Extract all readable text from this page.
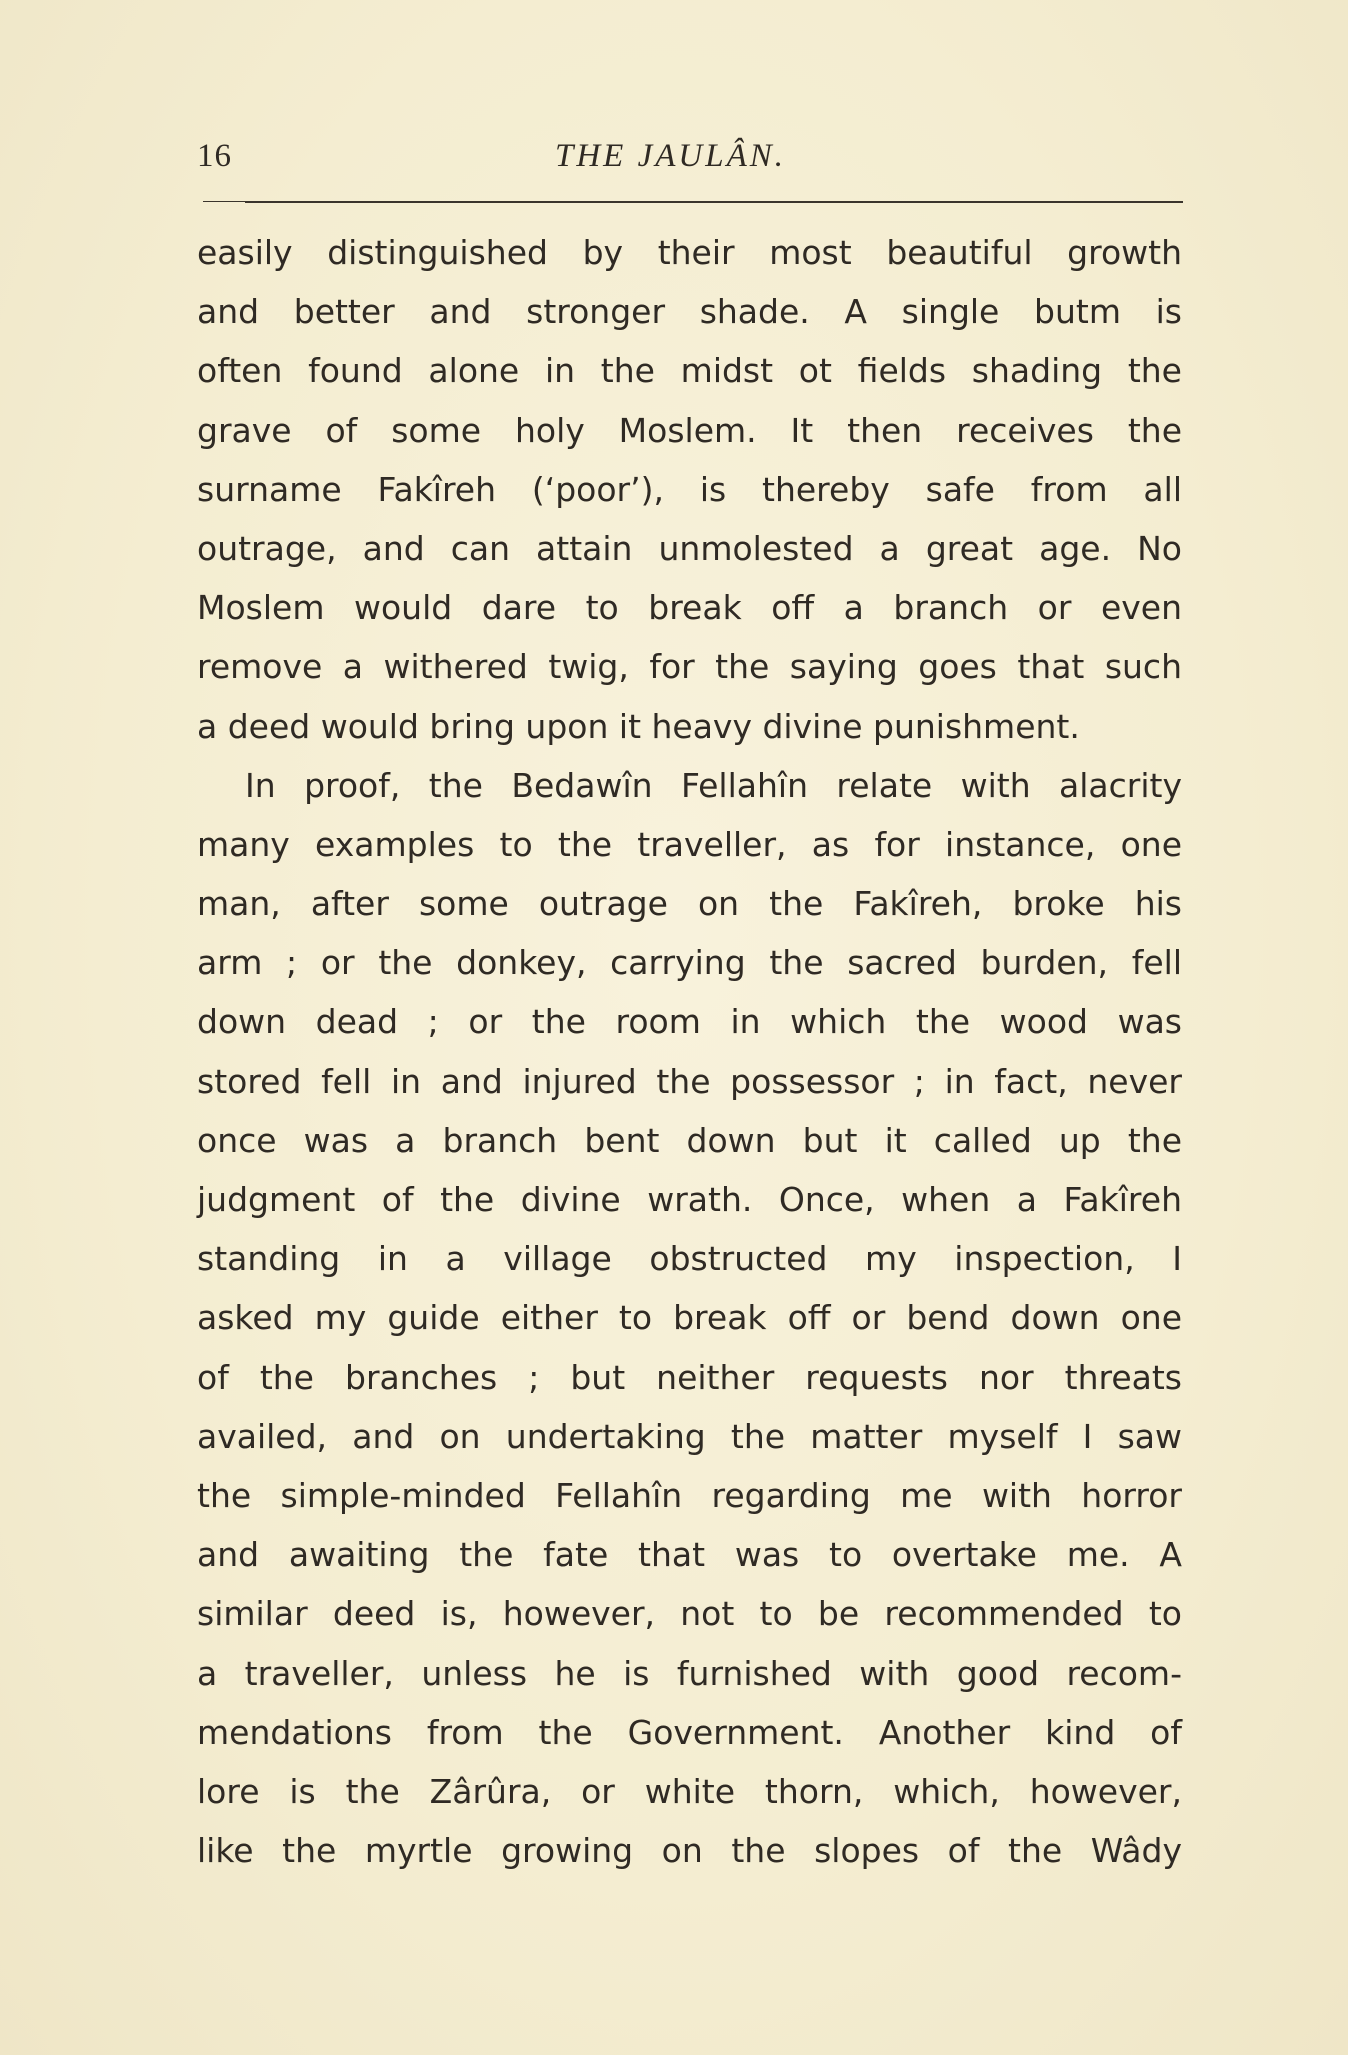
16	THE JAULÂN.
easily distinguished by their most beautiful growth
and better and stronger shade. A single butm is
often found alone in the midst ot fields shading the
grave of some holy Moslem. It then receives the
surname Fakîreh (‘poor’), is thereby safe from all
outrage, and can attain unmolested a great age. No
Moslem would dare to break off a branch or even
remove a withered twig, for the saying goes that such
a deed would bring upon it heavy divine punishment.
In proof, the Bedawîn Fellahîn relate with alacrity
many examples to the traveller, as for instance, one
man, after some outrage on the Fakîreh, broke his
arm ; or the donkey, carrying the sacred burden, fell
down dead ; or the room in which the wood was
stored fell in and injured the possessor ; in fact, never
once was a branch bent down but it called up the
judgment of the divine wrath. Once, when a Fakîreh
standing in a village obstructed my inspection, I
asked my guide either to break off or bend down one
of the branches ; but neither requests nor threats
availed, and on undertaking the matter myself I saw
the simple-minded Fellahîn regarding me with horror
and awaiting the fate that was to overtake me. A
similar deed is, however, not to be recommended to
a traveller, unless he is furnished with good recom-
mendations from the Government. Another kind of
lore is the Zârûra, or white thorn, which, however,
like the myrtle growing on the slopes of the Wâdy
